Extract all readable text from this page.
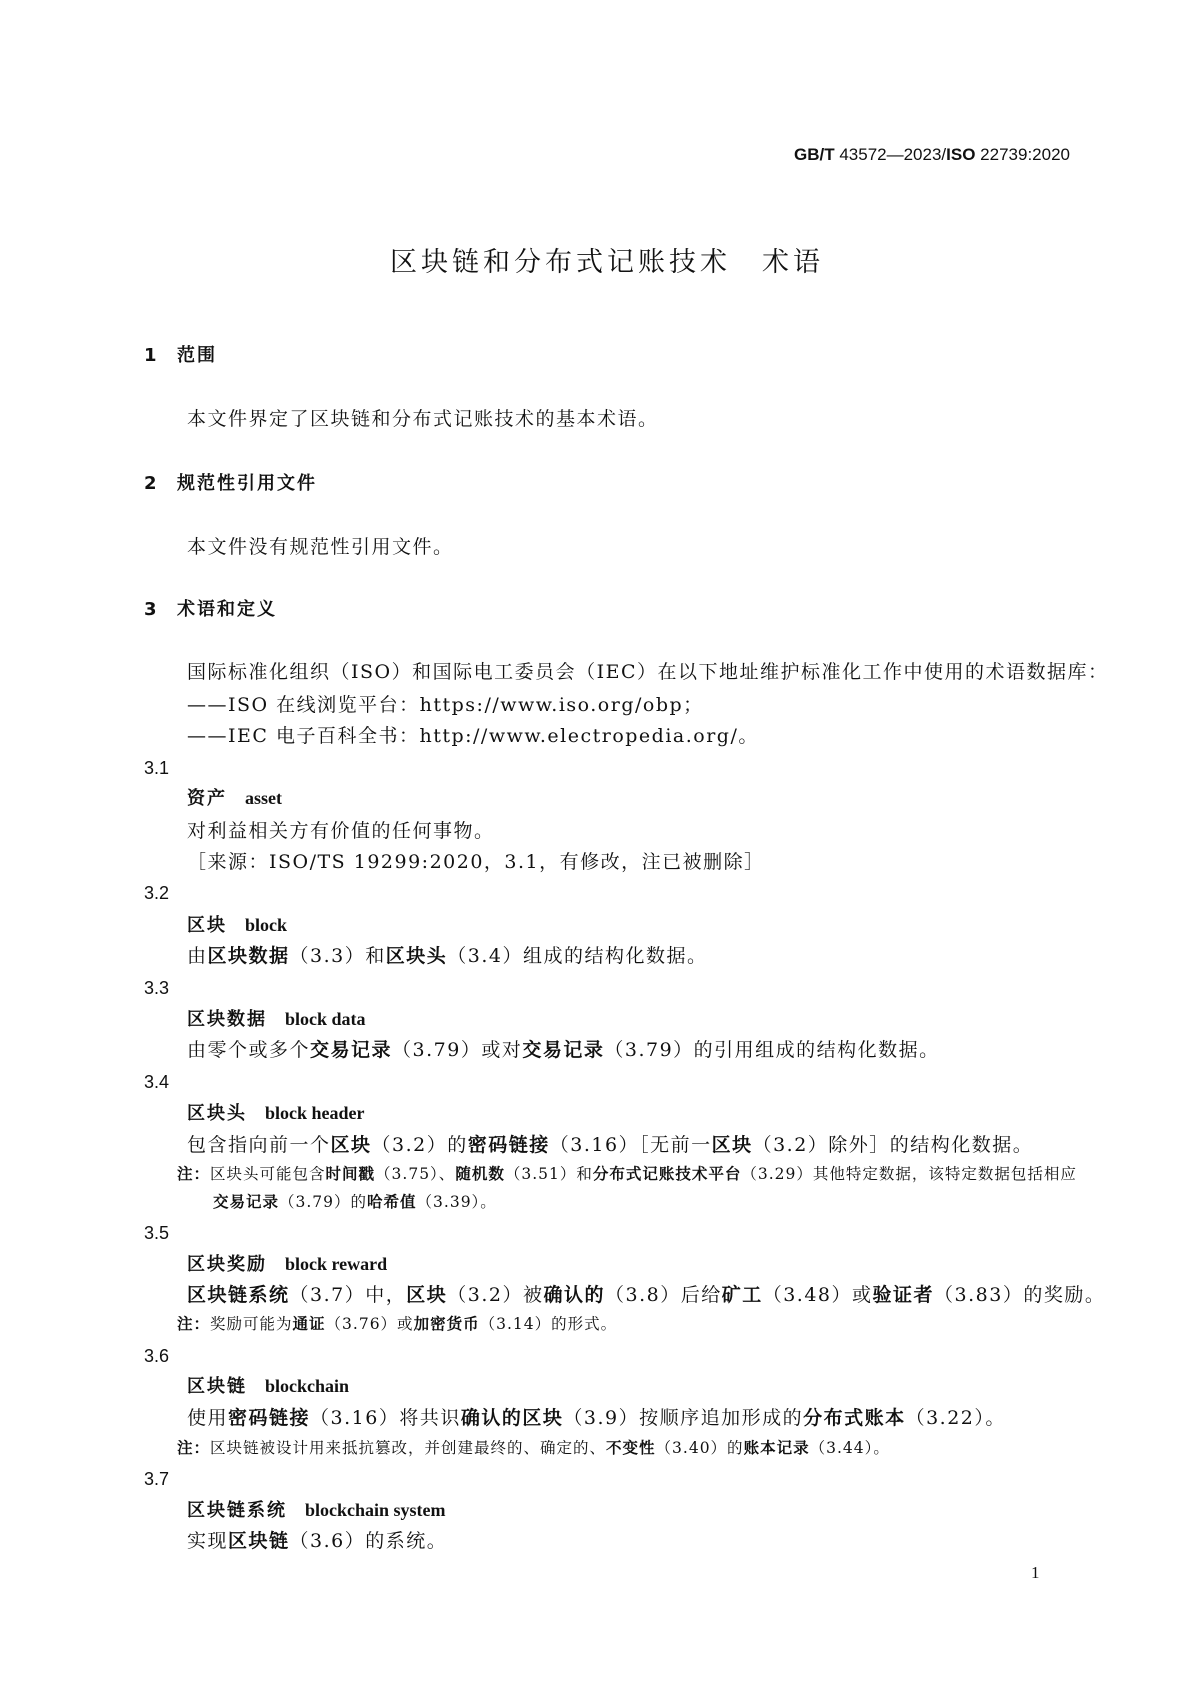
GB/T 43572—2023/ISO 22739:2020
区块链和分布式记账技术　术语
1 范围
本文件界定了区块链和分布式记账技术的基本术语。
2 规范性引用文件
本文件没有规范性引用文件。
3 术语和定义
国际标准化组织（ISO）和国际电工委员会（IEC）在以下地址维护标准化工作中使用的术语数据库：
——ISO 在线浏览平台：https://www.iso.org/obp；
——IEC 电子百科全书：http://www.electropedia.org/。
3.1
资产 asset
对利益相关方有价值的任何事物。
［来源：ISO/TS 19299:2020，3.1，有修改，注已被删除］
3.2
区块 block
由区块数据（3.3）和区块头（3.4）组成的结构化数据。
3.3
区块数据 block data
由零个或多个交易记录（3.79）或对交易记录（3.79）的引用组成的结构化数据。
3.4
区块头 block header
包含指向前一个区块（3.2）的密码链接（3.16）［无前一区块（3.2）除外］的结构化数据。
注：区块头可能包含时间戳（3.75）、随机数（3.51）和分布式记账技术平台（3.29）其他特定数据，该特定数据包括相应
交易记录（3.79）的哈希值（3.39）。
3.5
区块奖励 block reward
区块链系统（3.7）中，区块（3.2）被确认的（3.8）后给矿工（3.48）或验证者（3.83）的奖励。
注：奖励可能为通证（3.76）或加密货币（3.14）的形式。
3.6
区块链 blockchain
使用密码链接（3.16）将共识确认的区块（3.9）按顺序追加形成的分布式账本（3.22）。
注：区块链被设计用来抵抗篡改，并创建最终的、确定的、不变性（3.40）的账本记录（3.44）。
3.7
区块链系统 blockchain system
实现区块链（3.6）的系统。
1
